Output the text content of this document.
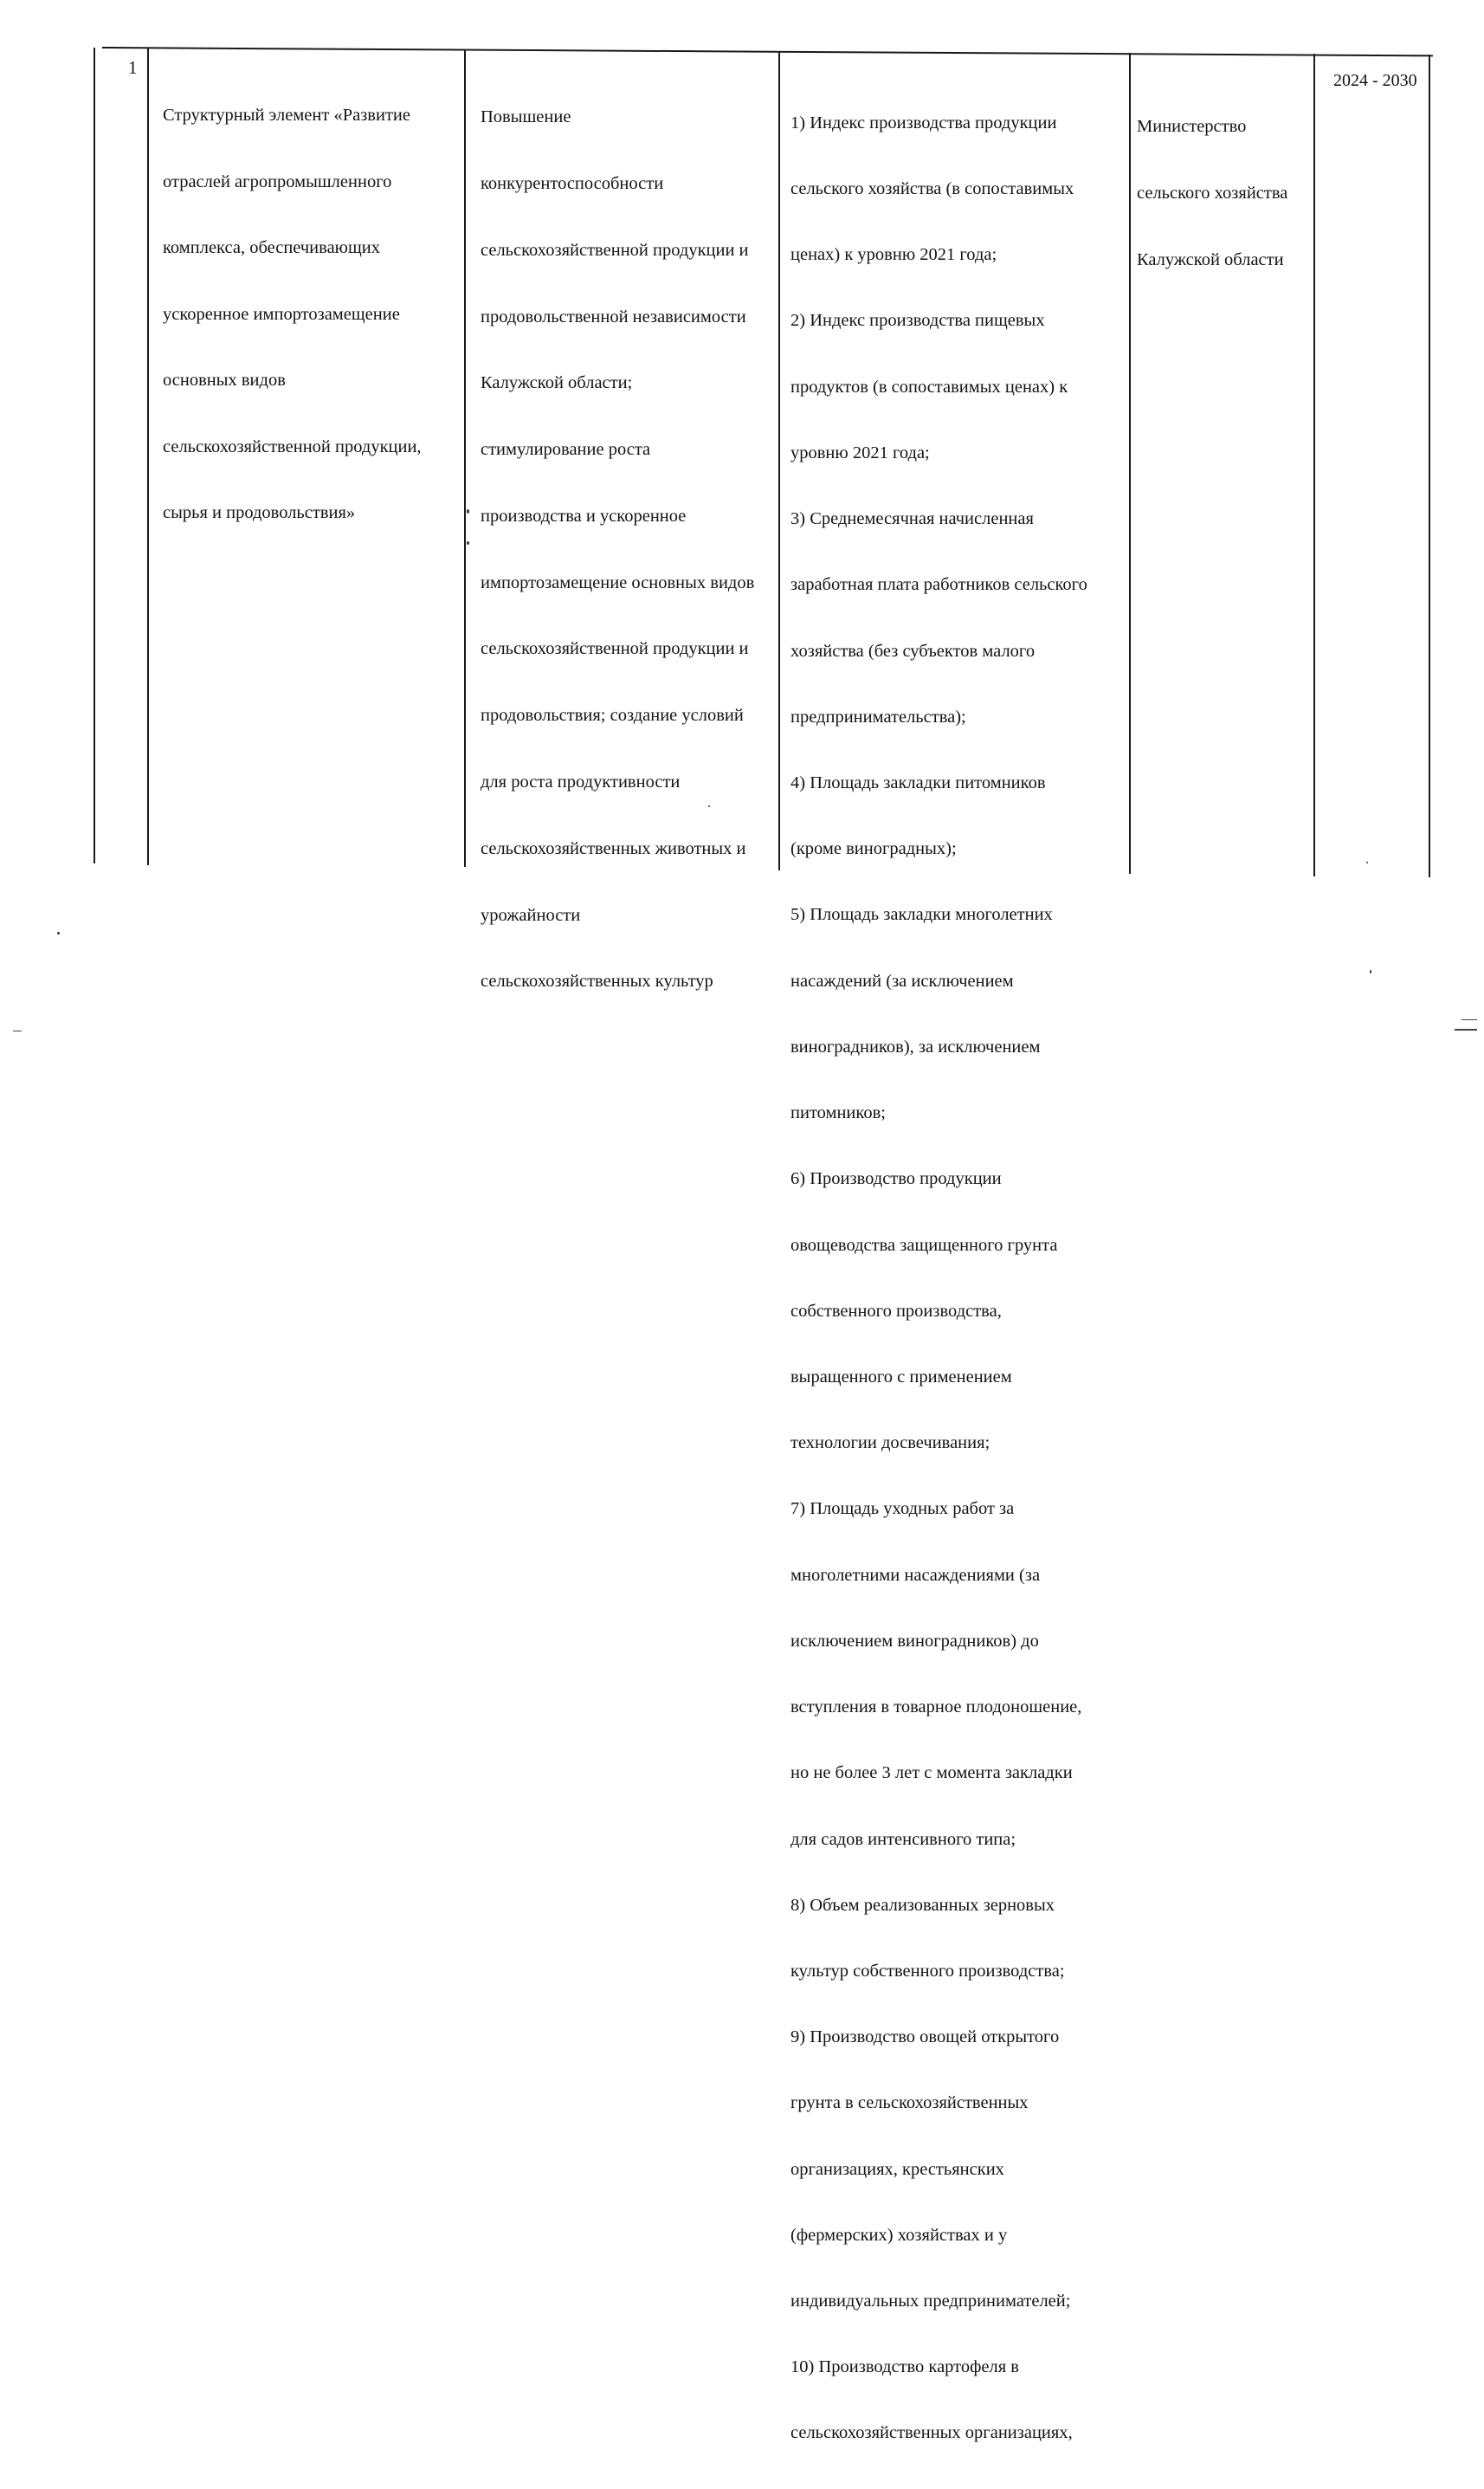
1

Структурный элемент «Развитие

отраслей агропромышленного

комплекса, обеспечивающих

ускоренное импортозамещение

основных видов

сельскохозяйственной продукции,

сырья и продовольствия»

Повышение

конкурентоспособности

сельскохозяйственной продукции и

продовольственной независимости

Калужской области;

стимулирование роста

производства и ускоренное

импортозамещение основных видов

сельскохозяйственной продукции и

продовольствия; создание условий

для роста продуктивности

сельскохозяйственных животных и

урожайности

сельскохозяйственных культур

1) Индекс производства продукции

сельского хозяйства (в сопоставимых

ценах) к уровню 2021 года;

2) Индекс производства пищевых

продуктов (в сопоставимых ценах) к

уровню 2021 года;

3) Среднемесячная начисленная

заработная плата работников сельского

хозяйства (без субъектов малого

предпринимательства);

4) Площадь закладки питомников

(кроме виноградных);

5) Площадь закладки многолетних

насаждений (за исключением

виноградников), за исключением

питомников;

6) Производство продукции

овощеводства защищенного грунта

собственного производства,

выращенного с применением

технологии досвечивания;

7) Площадь уходных работ за

многолетними насаждениями (за

исключением виноградников) до

вступления в товарное плодоношение,

но не более 3 лет с момента закладки

для садов интенсивного типа;

8) Объем реализованных зерновых

культур собственного производства;

9) Производство овощей открытого

грунта в сельскохозяйственных

организациях, крестьянских

(фермерских) хозяйствах и у

индивидуальных предпринимателей;

10) Производство картофеля в

сельскохозяйственных организациях,

Министерство

сельского хозяйства

Калужской области

2024 - 2030
